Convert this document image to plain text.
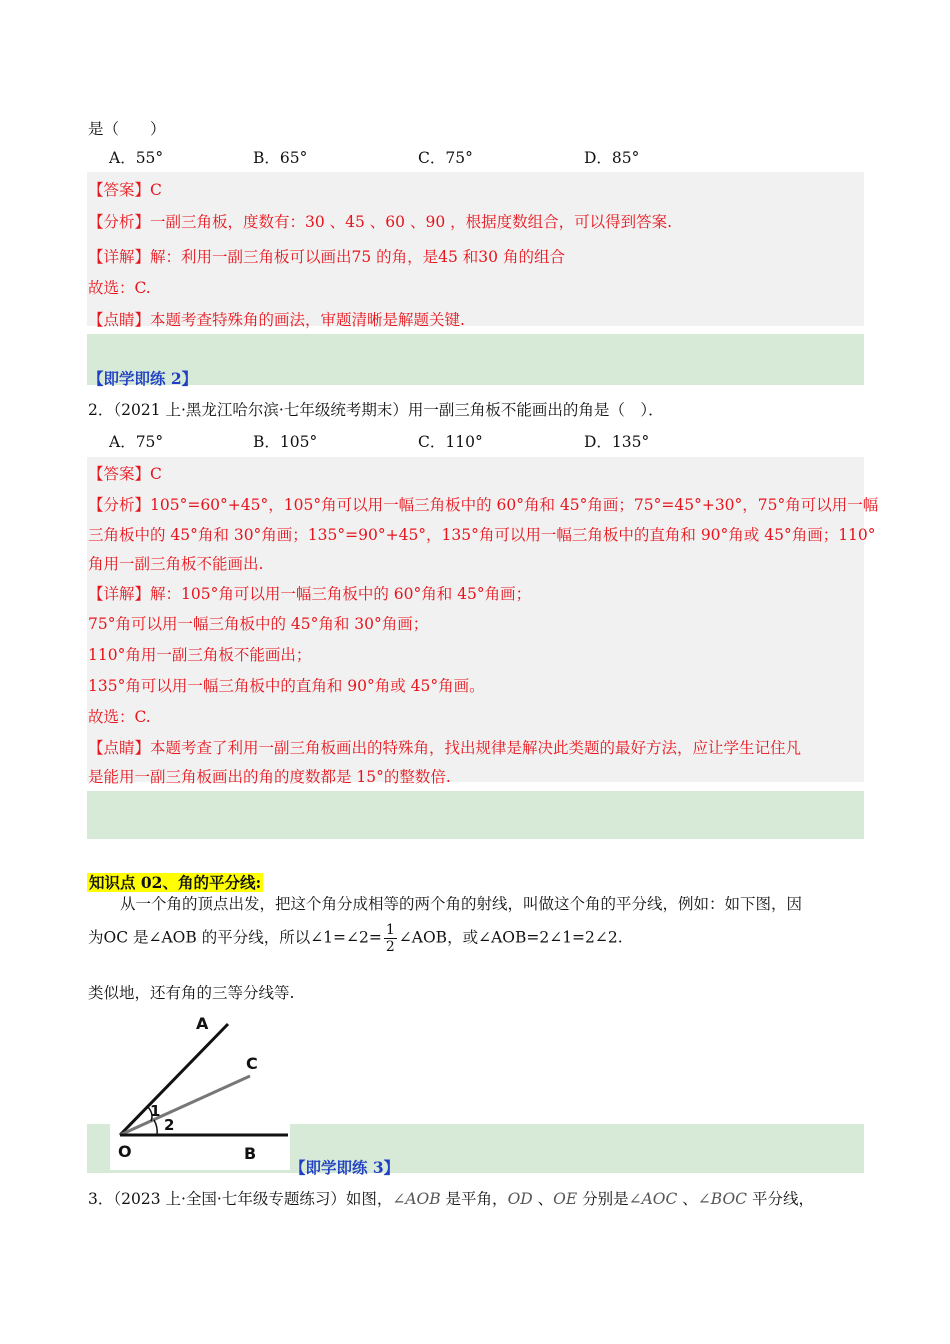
是（　　）
A．55°	B．65°	C．75°	D．85°
【答案】C
【分析】一副三角板，度数有：30 、45 、60 、90 ，根据度数组合，可以得到答案.
【详解】解：利用一副三角板可以画出75 的角，是45 和30 角的组合
故选：C.
【点睛】本题考查特殊角的画法，审题清晰是解题关键.
【即学即练 2】
2．（2021 上·黑龙江哈尔滨·七年级统考期末）用一副三角板不能画出的角是（　）．
A．75°	B．105°	C．110°	D．135°
【答案】C
【分析】105°=60°+45°，105°角可以用一幅三角板中的 60°角和 45°角画；75°=45°+30°，75°角可以用一幅
三角板中的 45°角和 30°角画；135°=90°+45°，135°角可以用一幅三角板中的直角和 90°角或 45°角画；110°
角用一副三角板不能画出.
【详解】解：105°角可以用一幅三角板中的 60°角和 45°角画；
75°角可以用一幅三角板中的 45°角和 30°角画；
110°角用一副三角板不能画出；
135°角可以用一幅三角板中的直角和 90°角或 45°角画。
故选：C.
【点睛】本题考查了利用一副三角板画出的特殊角，找出规律是解决此类题的最好方法，应让学生记住凡
是能用一副三角板画出的角的度数都是 15°的整数倍.
知识点 02、角的平分线:
从一个角的顶点出发，把这个角分成相等的两个角的射线，叫做这个角的平分线，例如：如下图，因
为OC 是∠AOB 的平分线，所以∠1=∠2= $\frac{1}{2}$ ∠AOB，或∠AOB=2∠1=2∠2.
类似地，还有角的三等分线等.
A
C
1
2
O	B
【即学即练 3】
3．（2023 上·全国·七年级专题练习）如图，∠AOB 是平角，OD 、OE 分别是∠AOC 、∠BOC 平分线，
